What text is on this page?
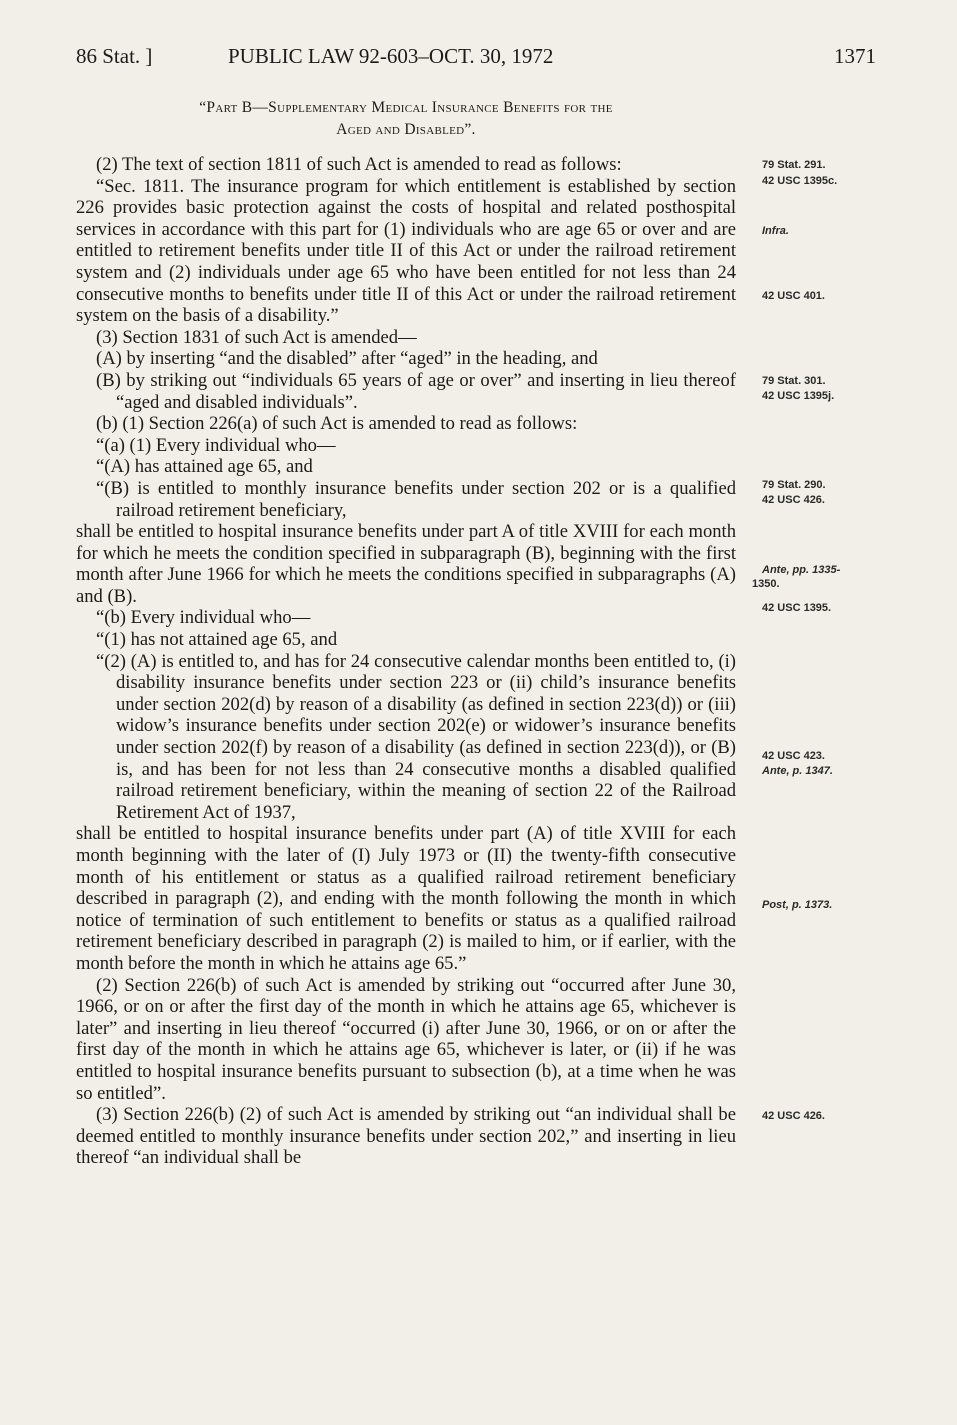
86 Stat. ]	PUBLIC LAW 92-603–OCT. 30, 1972	1371
“Part B—Supplementary Medical Insurance Benefits for the
Aged and Disabled”.

(2) The text of section 1811 of such Act is amended to read as follows:

“Sec. 1811. The insurance program for which entitlement is established by section 226 provides basic protection against the costs of hospital and related posthospital services in accordance with this part for (1) individuals who are age 65 or over and are entitled to retirement benefits under title II of this Act or under the railroad retirement system and (2) individuals under age 65 who have been entitled for not less than 24 consecutive months to benefits under title II of this Act or under the railroad retirement system on the basis of a disability.”

(3) Section 1831 of such Act is amended—

(A) by inserting “and the disabled” after “aged” in the heading, and

(B) by striking out “individuals 65 years of age or over” and inserting in lieu thereof “aged and disabled individuals”.

(b) (1) Section 226(a) of such Act is amended to read as follows:

“(a) (1) Every individual who—

“(A) has attained age 65, and

“(B) is entitled to monthly insurance benefits under section 202 or is a qualified railroad retirement beneficiary,

shall be entitled to hospital insurance benefits under part A of title XVIII for each month for which he meets the condition specified in subparagraph (B), beginning with the first month after June 1966 for which he meets the conditions specified in subparagraphs (A) and (B).

“(b) Every individual who—

“(1) has not attained age 65, and

“(2) (A) is entitled to, and has for 24 consecutive calendar months been entitled to, (i) disability insurance benefits under section 223 or (ii) child’s insurance benefits under section 202(d) by reason of a disability (as defined in section 223(d)) or (iii) widow’s insurance benefits under section 202(e) or widower’s insurance benefits under section 202(f) by reason of a disability (as defined in section 223(d)), or (B) is, and has been for not less than 24 consecutive months a disabled qualified railroad retirement beneficiary, within the meaning of section 22 of the Railroad Retirement Act of 1937,

shall be entitled to hospital insurance benefits under part (A) of title XVIII for each month beginning with the later of (I) July 1973 or (II) the twenty-fifth consecutive month of his entitlement or status as a qualified railroad retirement beneficiary described in paragraph (2), and ending with the month following the month in which notice of termination of such entitlement to benefits or status as a qualified railroad retirement beneficiary described in paragraph (2) is mailed to him, or if earlier, with the month before the month in which he attains age 65.”

(2) Section 226(b) of such Act is amended by striking out “occurred after June 30, 1966, or on or after the first day of the month in which he attains age 65, whichever is later” and inserting in lieu thereof “occurred (i) after June 30, 1966, or on or after the first day of the month in which he attains age 65, whichever is later, or (ii) if he was entitled to hospital insurance benefits pursuant to subsection (b), at a time when he was so entitled”.

(3) Section 226(b) (2) of such Act is amended by striking out “an individual shall be deemed entitled to monthly insurance benefits under section 202,” and inserting in lieu thereof “an individual shall be

79 Stat. 291.
42 USC 1395c.
Infra.
42 USC 401.
79 Stat. 301.
42 USC 1395j.
79 Stat. 290.
42 USC 426.
Ante, pp. 1335-
1350.
42 USC 1395.
42 USC 423.
Ante, p. 1347.
Post, p. 1373.
42 USC 426.
